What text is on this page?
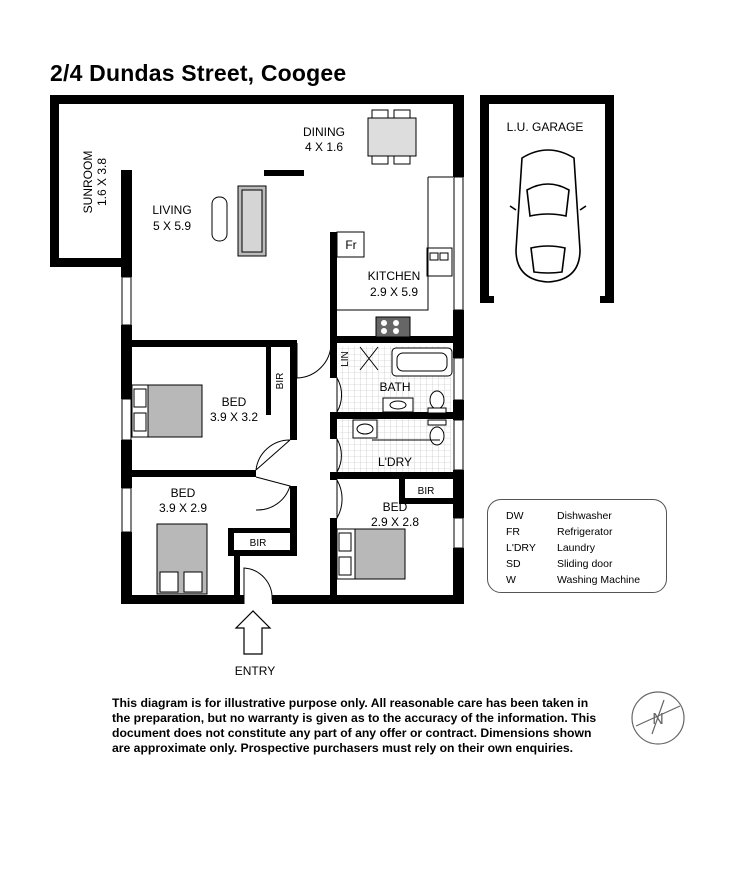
2/4 Dundas Street, Coogee
N
DINING
4 X 1.6
SUNROOM 1.6 X 3.8
LIVING
5 X 5.9
KITCHEN
2.9 X 5.9
Fr
L.U. GARAGE
BED
3.9 X 3.2
BED
3.9 X 2.9	BED
2.9 X 2.8
BATH
L'DRY
ENTRY
LIN
BIR
BIR
BIR
DW	Dishwasher
FR	Refrigerator
L'DRY	Laundry
SD	Sliding door
W	Washing Machine
This diagram is for illustrative purpose only. All reasonable care has been taken in
the preparation, but no warranty is given as to the accuracy of the information. This
document does not constitute any part of any offer or contract. Dimensions shown
are approximate only. Prospective purchasers must rely on their own enquiries.
